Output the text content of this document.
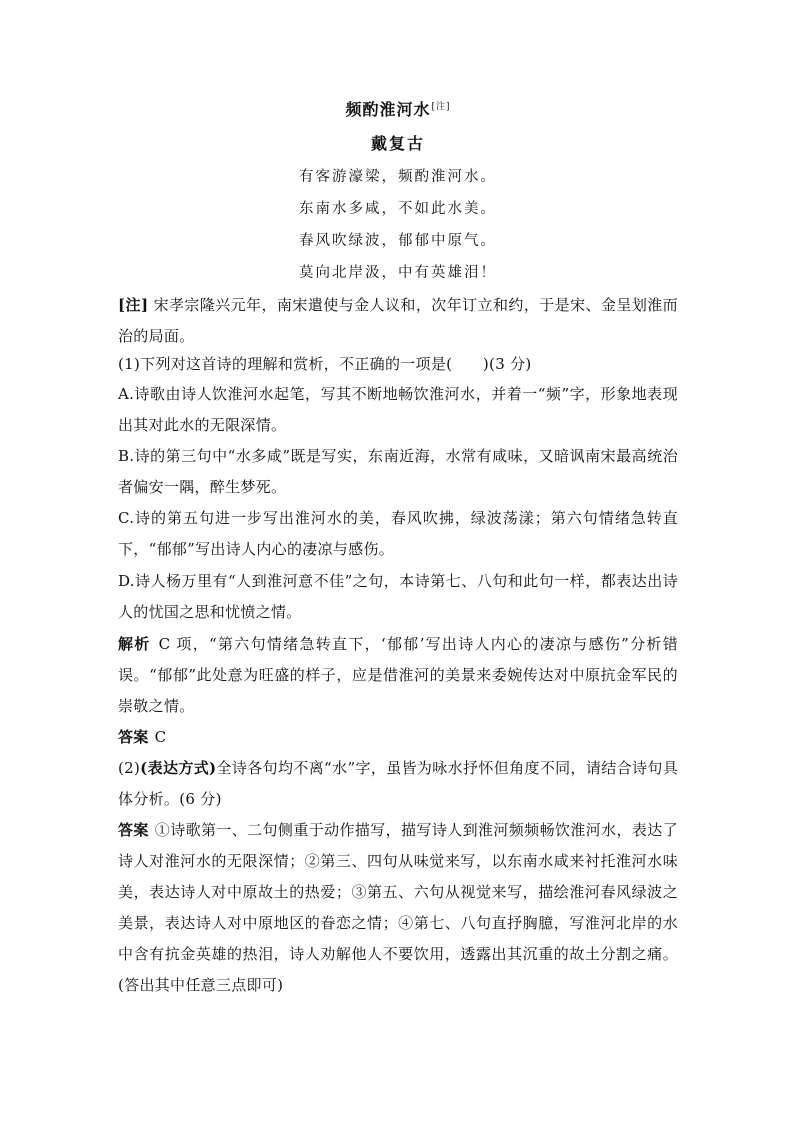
频酌淮河水[注]
戴复古
有客游濠梁，频酌淮河水。
东南水多咸，不如此水美。
春风吹绿波，郁郁中原气。
莫向北岸汲，中有英雄泪！
[注] 宋孝宗隆兴元年，南宋遣使与金人议和，次年订立和约，于是宋、金呈划淮而治的局面。
(1)下列对这首诗的理解和赏析，不正确的一项是(　　)(3 分)
A.诗歌由诗人饮淮河水起笔，写其不断地畅饮淮河水，并着一“频”字，形象地表现出其对此水的无限深情。
B.诗的第三句中“水多咸”既是写实，东南近海，水常有咸味，又暗讽南宋最高统治者偏安一隅，醉生梦死。
C.诗的第五句进一步写出淮河水的美，春风吹拂，绿波荡漾；第六句情绪急转直下，“郁郁”写出诗人内心的凄凉与感伤。
D.诗人杨万里有“人到淮河意不佳”之句，本诗第七、八句和此句一样，都表达出诗人的忧国之思和忧愤之情。
解析 C 项，“第六句情绪急转直下，‘郁郁’写出诗人内心的凄凉与感伤”分析错误。“郁郁”此处意为旺盛的样子，应是借淮河的美景来委婉传达对中原抗金军民的崇敬之情。
答案 C
(2)(表达方式)全诗各句均不离“水”字，虽皆为咏水抒怀但角度不同，请结合诗句具体分析。(6 分)
答案 ①诗歌第一、二句侧重于动作描写，描写诗人到淮河频频畅饮淮河水，表达了诗人对淮河水的无限深情；②第三、四句从味觉来写，以东南水咸来衬托淮河水味美，表达诗人对中原故土的热爱；③第五、六句从视觉来写，描绘淮河春风绿波之美景，表达诗人对中原地区的眷恋之情；④第七、八句直抒胸臆，写淮河北岸的水中含有抗金英雄的热泪，诗人劝解他人不要饮用，透露出其沉重的故土分割之痛。(答出其中任意三点即可)
